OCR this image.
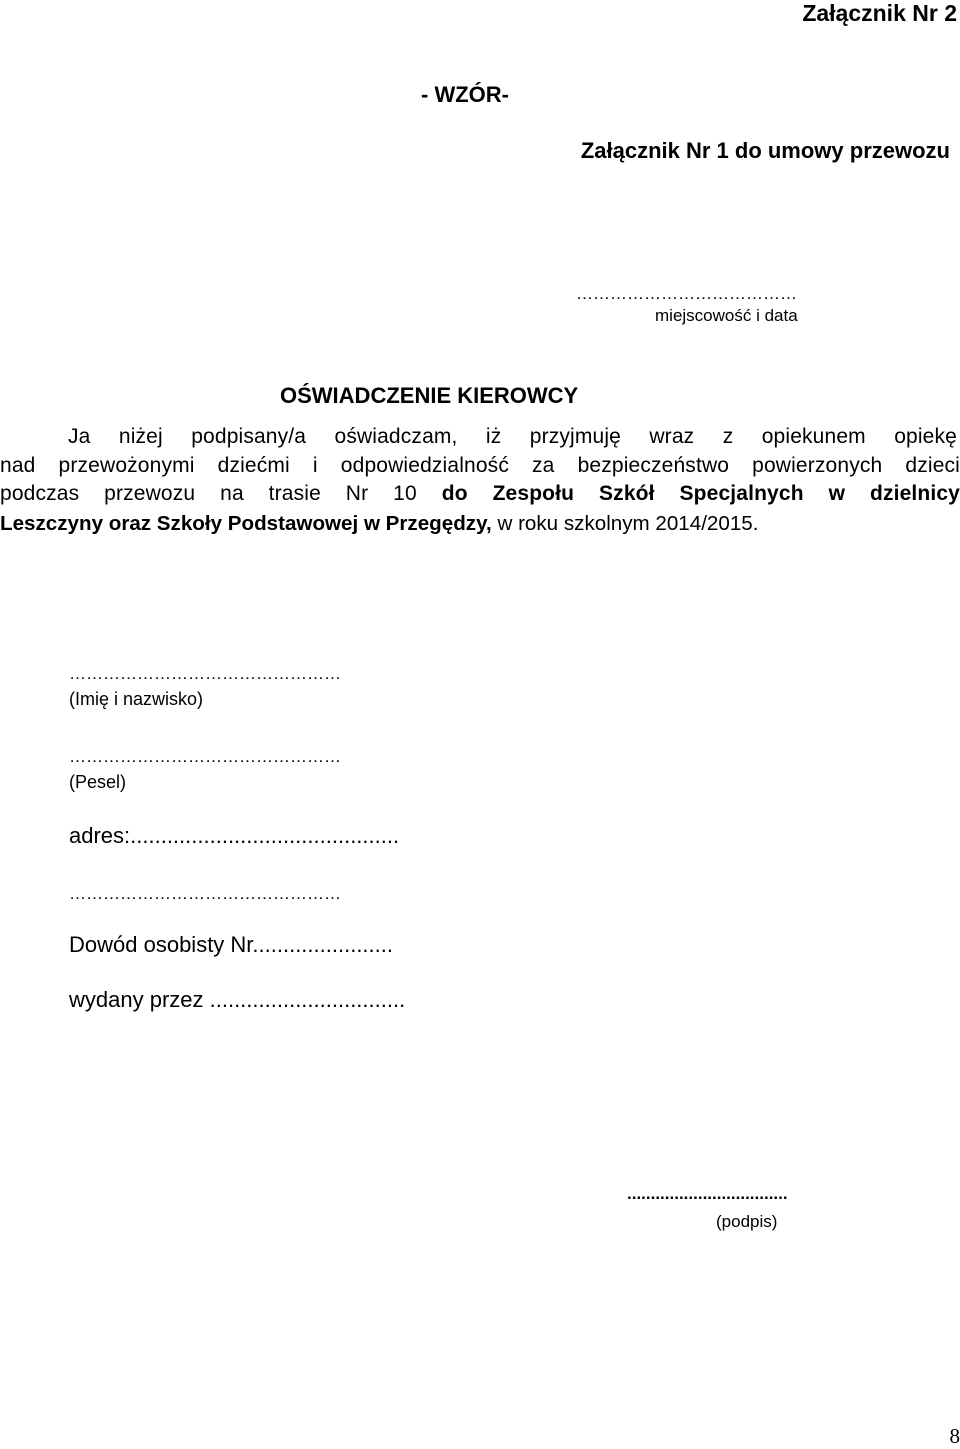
Załącznik Nr 2
- WZÓR-
Załącznik Nr 1 do umowy przewozu
…………………………………
miejscowość i data
OŚWIADCZENIE KIEROWCY
Ja niżej podpisany/a oświadczam, iż przyjmuję wraz z opiekunem opiekę
nad przewożonymi dziećmi i odpowiedzialność za bezpieczeństwo powierzonych dzieci
podczas przewozu na trasie Nr 10 do Zespołu Szkół Specjalnych w dzielnicy
Leszczyny oraz Szkoły Podstawowej w Przegędzy, w roku szkolnym 2014/2015.
…………………………………………
(Imię i nazwisko)
…………………………………………
(Pesel)
adres:............................................
…………………………………………
Dowód osobisty Nr.......................
wydany przez ................................
..................................
(podpis)
8
